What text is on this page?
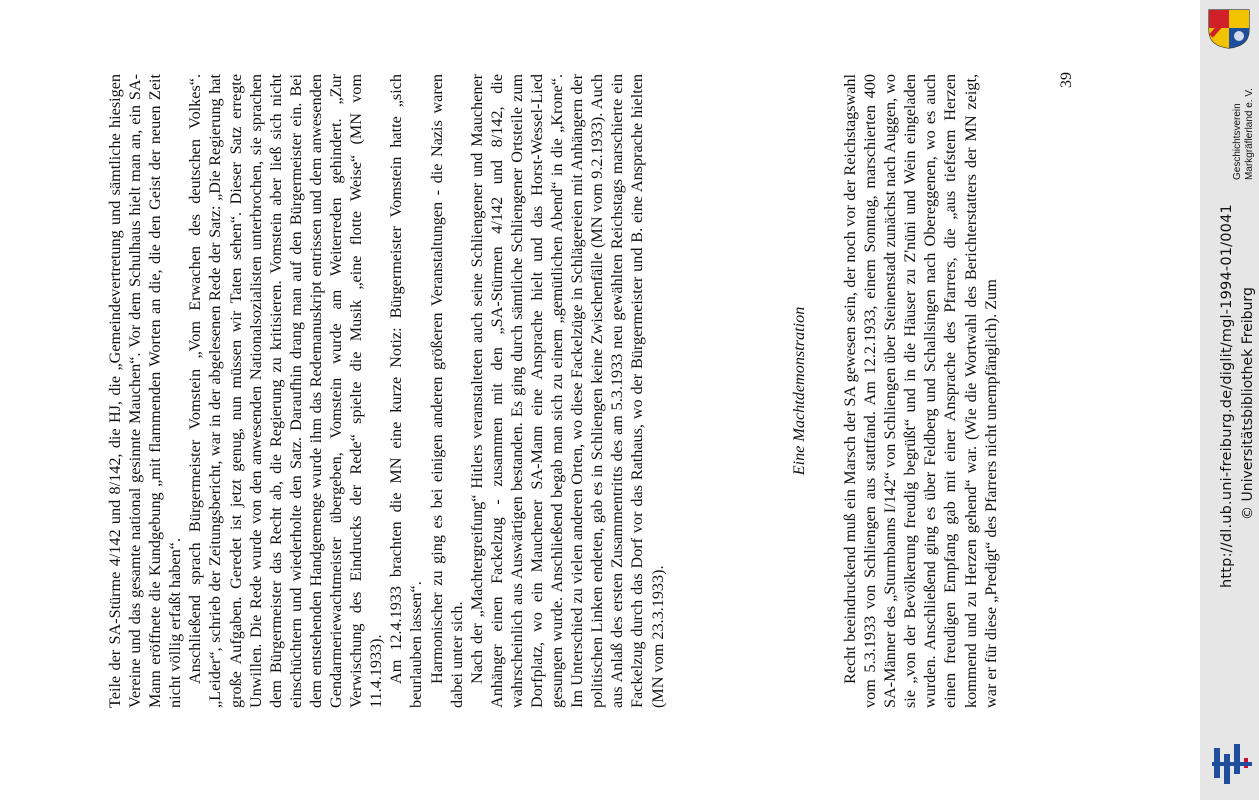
Teile der SA-Stürme 4/142 und 8/142, die HJ, die „Gemeindevertretung und sämtliche hiesigen Vereine und das gesamte national gesinnte Mauchen“. Vor dem Schulhaus hielt man an, ein SA-Mann eröffnete die Kundgebung „mit flammenden Worten an die, die den Geist der neuen Zeit nicht völlig erfaßt haben“. Anschließend sprach Bürgermeister Vomstein „Vom Erwachen des deutschen Volkes“. „Leider“, schrieb der Zeitungsbericht, war in der abgelesenen Rede der Satz: „Die Regierung hat große Aufgaben. Geredet ist jetzt genug, nun müssen wir Taten sehen“. Dieser Satz erregte Unwillen. Die Rede wurde von den anwesenden Nationalsozialisten unterbrochen, sie sprachen dem Bürgermeister das Recht ab, die Regierung zu kritisieren. Vomstein aber ließ sich nicht einschüchtern und wiederholte den Satz. Daraufhin drang man auf den Bürgermeister ein. Bei dem entstehenden Handgemenge wurde ihm das Redemanuskript entrissen und dem anwesenden Gendarmeriewachtmeister übergeben, Vomstein wurde am Weiterreden gehindert. „Zur Verwischung des Eindrucks der Rede“ spielte die Musik „eine flotte Weise“ (MN vom 11.4.1933). Am 12.4.1933 brachten die MN eine kurze Notiz: Bürgermeister Vomstein hatte „sich beurlauben lassen“. Harmonischer zu ging es bei einigen anderen größeren Veranstaltungen - die Nazis waren dabei unter sich. Nach der „Machtergreifung“ Hitlers veranstalteten auch seine Schliengener und Mauchener Anhänger einen Fackelzug - zusammen mit den „SA-Stürmen 4/142 und 8/142, die wahrscheinlich aus Auswärtigen bestanden. Es ging durch sämtliche Schliengener Ortsteile zum Dorfplatz, wo ein Mauchener SA-Mann eine Ansprache hielt und das Horst-Wessel-Lied gesungen wurde. Anschließend begab man sich zu einem „gemütlichen Abend“ in die „Krone“. Im Unterschied zu vielen anderen Orten, wo diese Fackelzüge in Schlägereien mit Anhängern der politischen Linken endeten, gab es in Schliengen keine Zwischenfälle (MN vom 9.2.1933). Auch aus Anlaß des ersten Zusammentritts des am 5.3.1933 neu gewählten Reichstags marschierte ein Fackelzug durch das Dorf vor das Rathaus, wo der Bürgermeister und B. eine Ansprache hielten (MN vom 23.3.1933).

Eine Machtdemonstration Recht beeindruckend muß ein Marsch der SA gewesen sein, der noch vor der Reichstagswahl vom 5.3.1933 von Schliengen aus stattfand. Am 12.2.1933, einem Sonntag, marschierten 400 SA-Männer des „Sturmbanns I/142“ von Schliengen über Steinenstadt zunächst nach Auggen, wo sie „von der Bevölkerung freudig begrüßt“ und in die Häuser zu Z'nüni und Wein eingeladen wurden. Anschließend ging es über Feldberg und Schallsingen nach Obereggenen, wo es auch einen freudigen Empfang gab mit einer Ansprache des Pfarrers, die „aus tiefstem Herzen kommend und zu Herzen gehend“ war. (Wie die Wortwahl des Berichterstatters der MN zeigt, war er für diese „Predigt“ des Pfarrers nicht unempfänglich). Zum

39
http://dl.ub.uni-freiburg.de/diglit/mgl-1994-01/0041 © Universitätsbibliothek Freiburg
Geschichtsverein Markgräflerland e. V.
